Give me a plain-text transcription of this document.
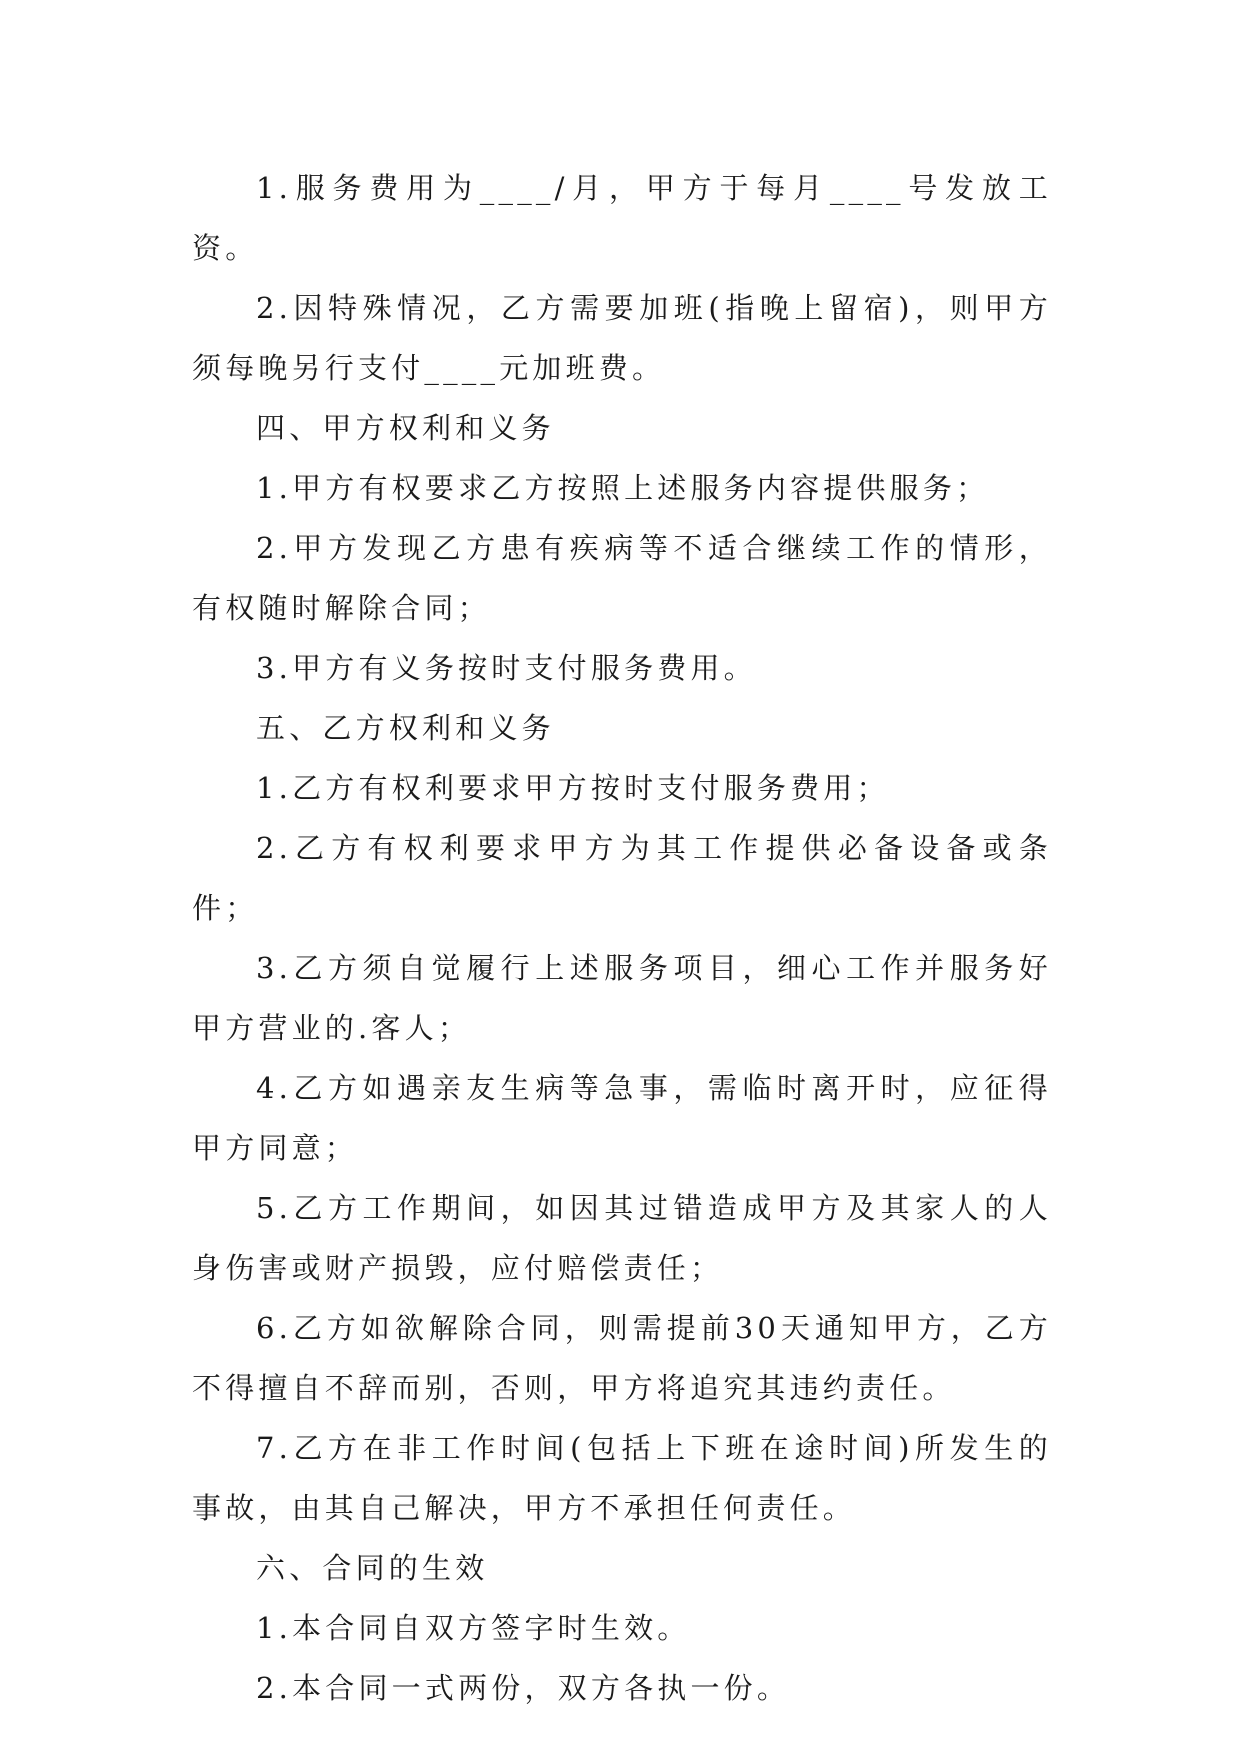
1.服务费用为____/月，甲方于每月____号发放工资。

2.因特殊情况，乙方需要加班(指晚上留宿)，则甲方须每晚另行支付____元加班费。

四、甲方权利和义务

1.甲方有权要求乙方按照上述服务内容提供服务；

2.甲方发现乙方患有疾病等不适合继续工作的情形，有权随时解除合同；

3.甲方有义务按时支付服务费用。

五、乙方权利和义务

1.乙方有权利要求甲方按时支付服务费用；

2.乙方有权利要求甲方为其工作提供必备设备或条件；

3.乙方须自觉履行上述服务项目，细心工作并服务好甲方营业的.客人；

4.乙方如遇亲友生病等急事，需临时离开时，应征得甲方同意；

5.乙方工作期间，如因其过错造成甲方及其家人的人身伤害或财产损毁，应付赔偿责任；

6.乙方如欲解除合同，则需提前30天通知甲方，乙方不得擅自不辞而别，否则，甲方将追究其违约责任。

7.乙方在非工作时间(包括上下班在途时间)所发生的事故，由其自己解决，甲方不承担任何责任。

六、合同的生效

1.本合同自双方签字时生效。

2.本合同一式两份，双方各执一份。
